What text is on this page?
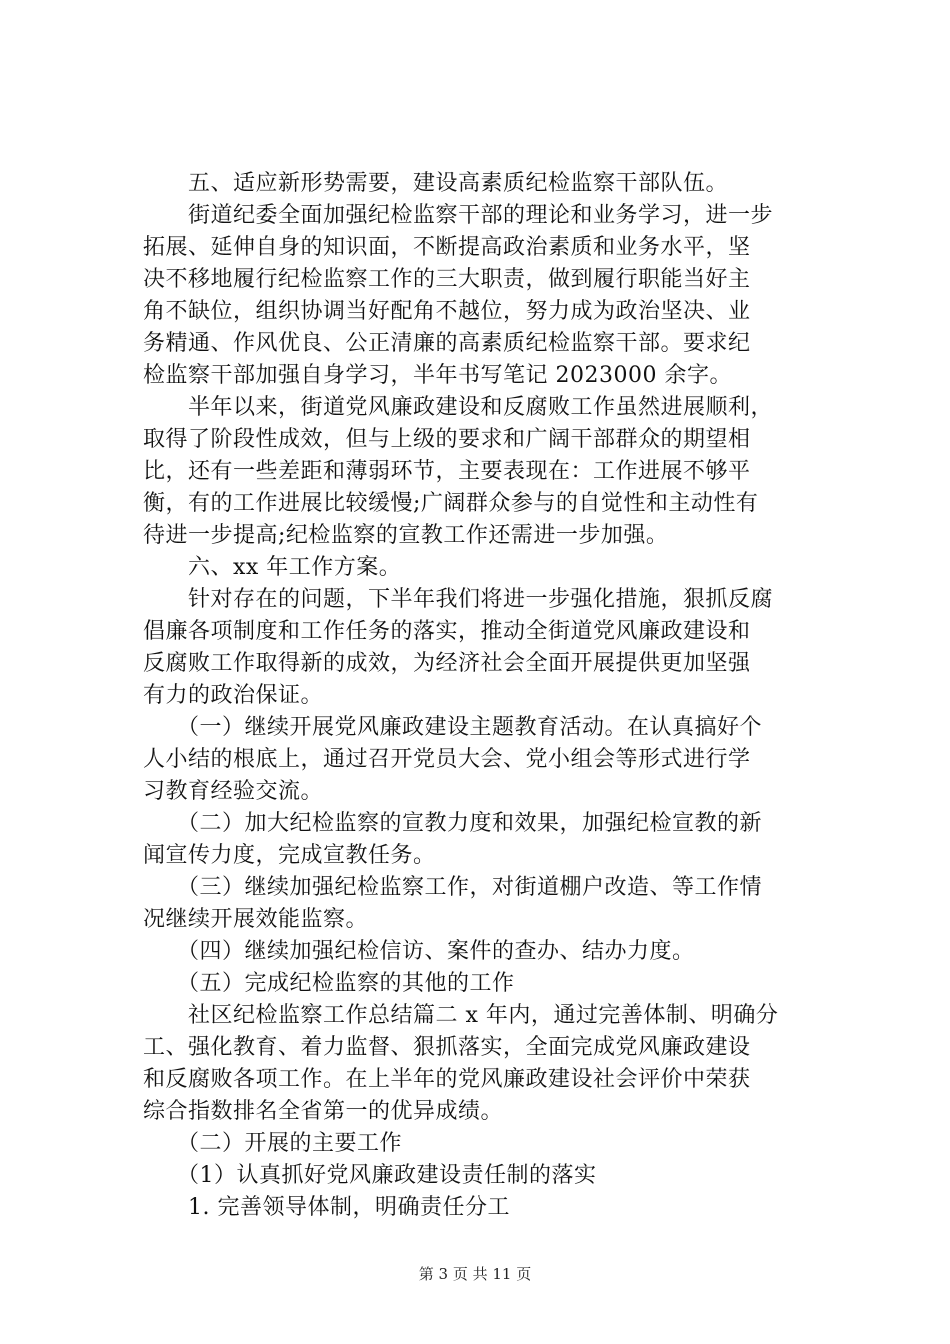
　　五、适应新形势需要，建设高素质纪检监察干部队伍。
　　街道纪委全面加强纪检监察干部的理论和业务学习，进一步
拓展、延伸自身的知识面，不断提高政治素质和业务水平，坚
决不移地履行纪检监察工作的三大职责，做到履行职能当好主
角不缺位，组织协调当好配角不越位，努力成为政治坚决、业
务精通、作风优良、公正清廉的高素质纪检监察干部。要求纪
检监察干部加强自身学习，半年书写笔记 2023000 余字。
　　半年以来，街道党风廉政建设和反腐败工作虽然进展顺利，
取得了阶段性成效，但与上级的要求和广阔干部群众的期望相
比，还有一些差距和薄弱环节，主要表现在：工作进展不够平
衡，有的工作进展比较缓慢;广阔群众参与的自觉性和主动性有
待进一步提高;纪检监察的宣教工作还需进一步加强。
　　六、xx 年工作方案。
　　针对存在的问题，下半年我们将进一步强化措施，狠抓反腐
倡廉各项制度和工作任务的落实，推动全街道党风廉政建设和
反腐败工作取得新的成效，为经济社会全面开展提供更加坚强
有力的政治保证。
　　（一）继续开展党风廉政建设主题教育活动。在认真搞好个
人小结的根底上，通过召开党员大会、党小组会等形式进行学
习教育经验交流。
　　（二）加大纪检监察的宣教力度和效果，加强纪检宣教的新
闻宣传力度，完成宣教任务。
　　（三）继续加强纪检监察工作，对街道棚户改造、等工作情
况继续开展效能监察。
　　（四）继续加强纪检信访、案件的查办、结办力度。
　　（五）完成纪检监察的其他的工作
　　社区纪检监察工作总结篇二 x 年内，通过完善体制、明确分
工、强化教育、着力监督、狠抓落实，全面完成党风廉政建设
和反腐败各项工作。在上半年的党风廉政建设社会评价中荣获
综合指数排名全省第一的优异成绩。
　　（二）开展的主要工作
　　（1）认真抓好党风廉政建设责任制的落实
　　1. 完善领导体制，明确责任分工
第 3 页 共 11 页
